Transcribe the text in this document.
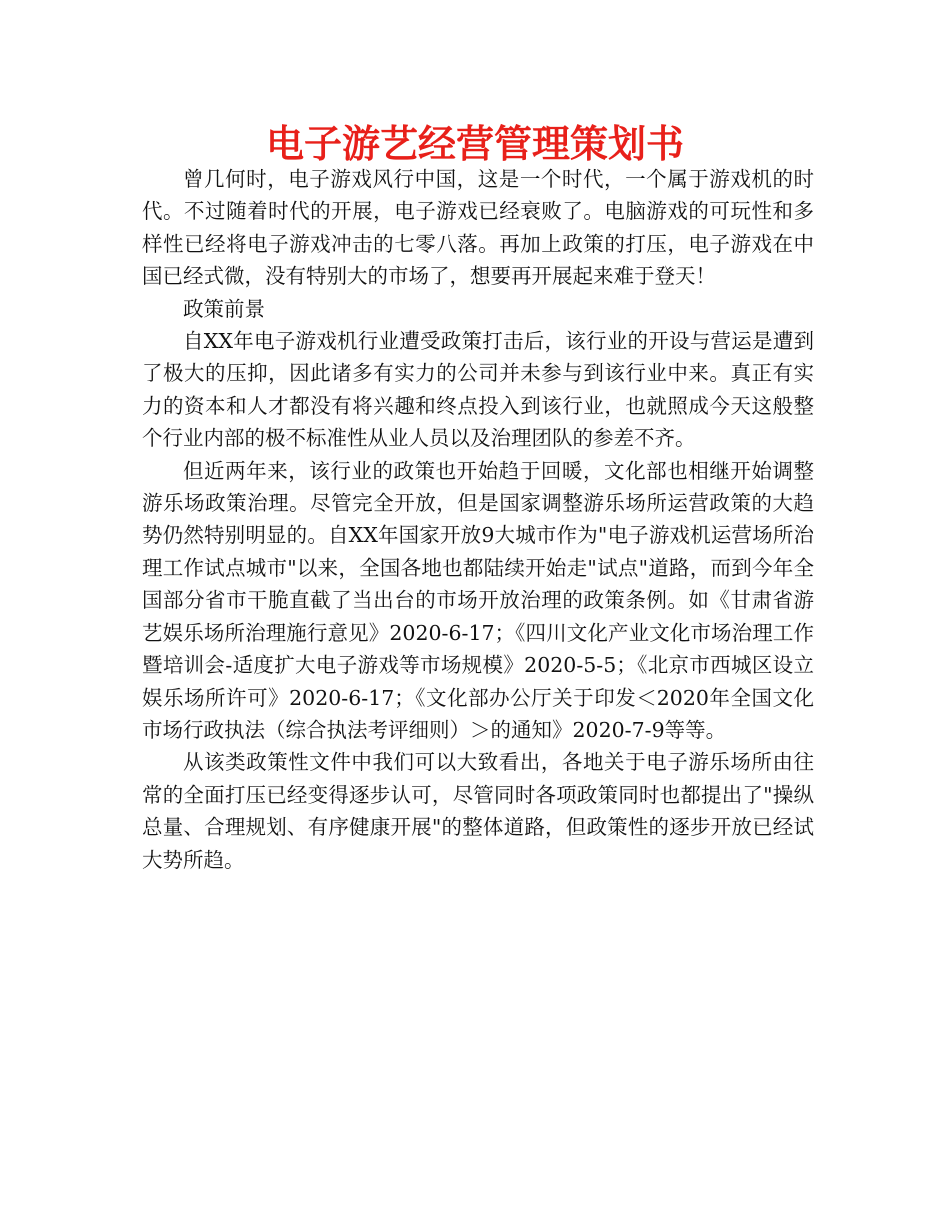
电子游艺经营管理策划书

曾几何时，电子游戏风行中国，这是一个时代，一个属于游戏机的时代。不过随着时代的开展，电子游戏已经衰败了。电脑游戏的可玩性和多样性已经将电子游戏冲击的七零八落。再加上政策的打压，电子游戏在中国已经式微，没有特别大的市场了，想要再开展起来难于登天！

政策前景

自XX年电子游戏机行业遭受政策打击后，该行业的开设与营运是遭到了极大的压抑，因此诸多有实力的公司并未参与到该行业中来。真正有实力的资本和人才都没有将兴趣和终点投入到该行业，也就照成今天这般整个行业内部的极不标准性从业人员以及治理团队的参差不齐。

但近两年来，该行业的政策也开始趋于回暖，文化部也相继开始调整游乐场政策治理。尽管完全开放，但是国家调整游乐场所运营政策的大趋势仍然特别明显的。自XX年国家开放9大城市作为"电子游戏机运营场所治理工作试点城市"以来，全国各地也都陆续开始走"试点"道路，而到今年全国部分省市干脆直截了当出台的市场开放治理的政策条例。如《甘肃省游艺娱乐场所治理施行意见》2020-6-17；《四川文化产业文化市场治理工作暨培训会-适度扩大电子游戏等市场规模》2020-5-5；《北京市西城区设立娱乐场所许可》2020-6-17；《文化部办公厅关于印发＜2020年全国文化市场行政执法（综合执法考评细则）＞的通知》2020-7-9等等。

从该类政策性文件中我们可以大致看出，各地关于电子游乐场所由往常的全面打压已经变得逐步认可，尽管同时各项政策同时也都提出了"操纵总量、合理规划、有序健康开展"的整体道路，但政策性的逐步开放已经试大势所趋。
